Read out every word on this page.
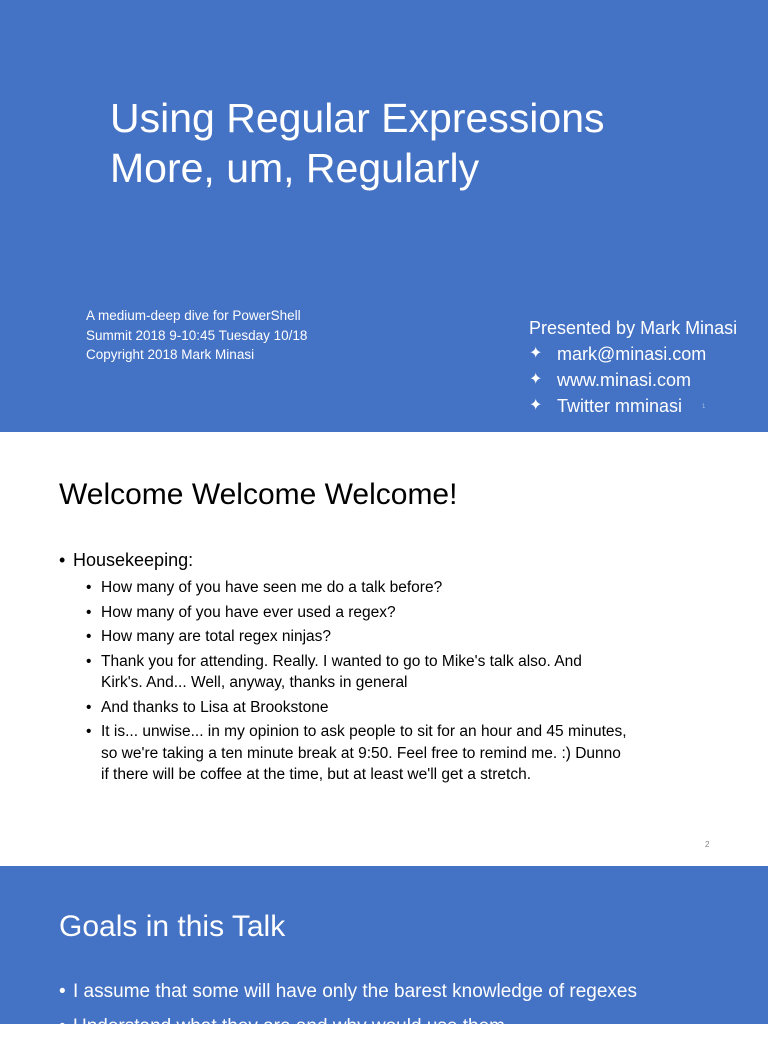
Using Regular Expressions
More, um, Regularly
A medium-deep dive for PowerShell
Summit 2018 9-10:45 Tuesday 10/18
Copyright 2018 Mark Minasi
Presented by Mark Minasi
✦ mark@minasi.com
✦ www.minasi.com
✦ Twitter mminasi	1
Welcome Welcome Welcome!
• Housekeeping:
• How many of you have seen me do a talk before?
• How many of you have ever used a regex?
• How many are total regex ninjas?
• Thank you for attending. Really. I wanted to go to Mike's talk also. And
Kirk's. And... Well, anyway, thanks in general
• And thanks to Lisa at Brookstone
• It is... unwise... in my opinion to ask people to sit for an hour and 45 minutes,
so we're taking a ten minute break at 9:50. Feel free to remind me. :) Dunno
if there will be coffee at the time, but at least we'll get a stretch.
2
Goals in this Talk
• I assume that some will have only the barest knowledge of regexes
• Understand what they are and why would use them
